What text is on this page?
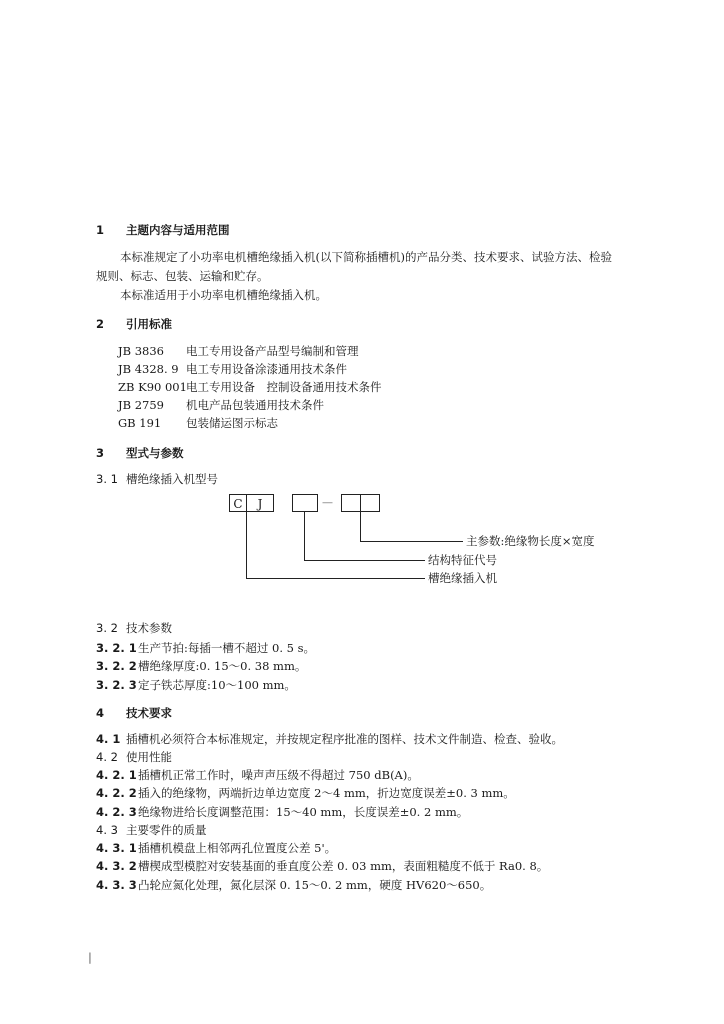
1 主题内容与适用范围
本标准规定了小功率电机槽绝缘插入机(以下简称插槽机)的产品分类、技术要求、试验方法、检验
规则、标志、包装、运输和贮存。
本标准适用于小功率电机槽绝缘插入机。
2 引用标准
JB 3836 电工专用设备产品型号编制和管理
JB 4328. 9 电工专用设备涂漆通用技术条件
ZB K90 001电工专用设备　控制设备通用技术条件
JB 2759 机电产品包装通用技术条件
GB 191 包装储运图示标志
3 型式与参数
3. 1 槽绝缘插入机型号
C	J	—
主参数:绝缘物长度×宽度
结构特征代号
槽绝缘插入机
3. 2 技术参数
3. 2. 1生产节拍:每插一槽不超过 0. 5 s。
3. 2. 2槽绝缘厚度:0. 15～0. 38 mm。
3. 2. 3定子铁芯厚度:10～100 mm。
4 技术要求
4. 1 插槽机必须符合本标准规定，并按规定程序批准的图样、技术文件制造、检查、验收。
4. 2 使用性能
4. 2. 1插槽机正常工作时，噪声声压级不得超过 750 dB(A)。
4. 2. 2插入的绝缘物，两端折边单边宽度 2～4 mm，折边宽度误差±0. 3 mm。
4. 2. 3绝缘物进给长度调整范围：15～40 mm，长度误差±0. 2 mm。
4. 3 主要零件的质量
4. 3. 1插槽机模盘上相邻两孔位置度公差 5'。
4. 3. 2槽楔成型模腔对安装基面的垂直度公差 0. 03 mm，表面粗糙度不低于 Ra0. 8。
4. 3. 3凸轮应氮化处理，氮化层深 0. 15～0. 2 mm，硬度 HV620～650。
|
